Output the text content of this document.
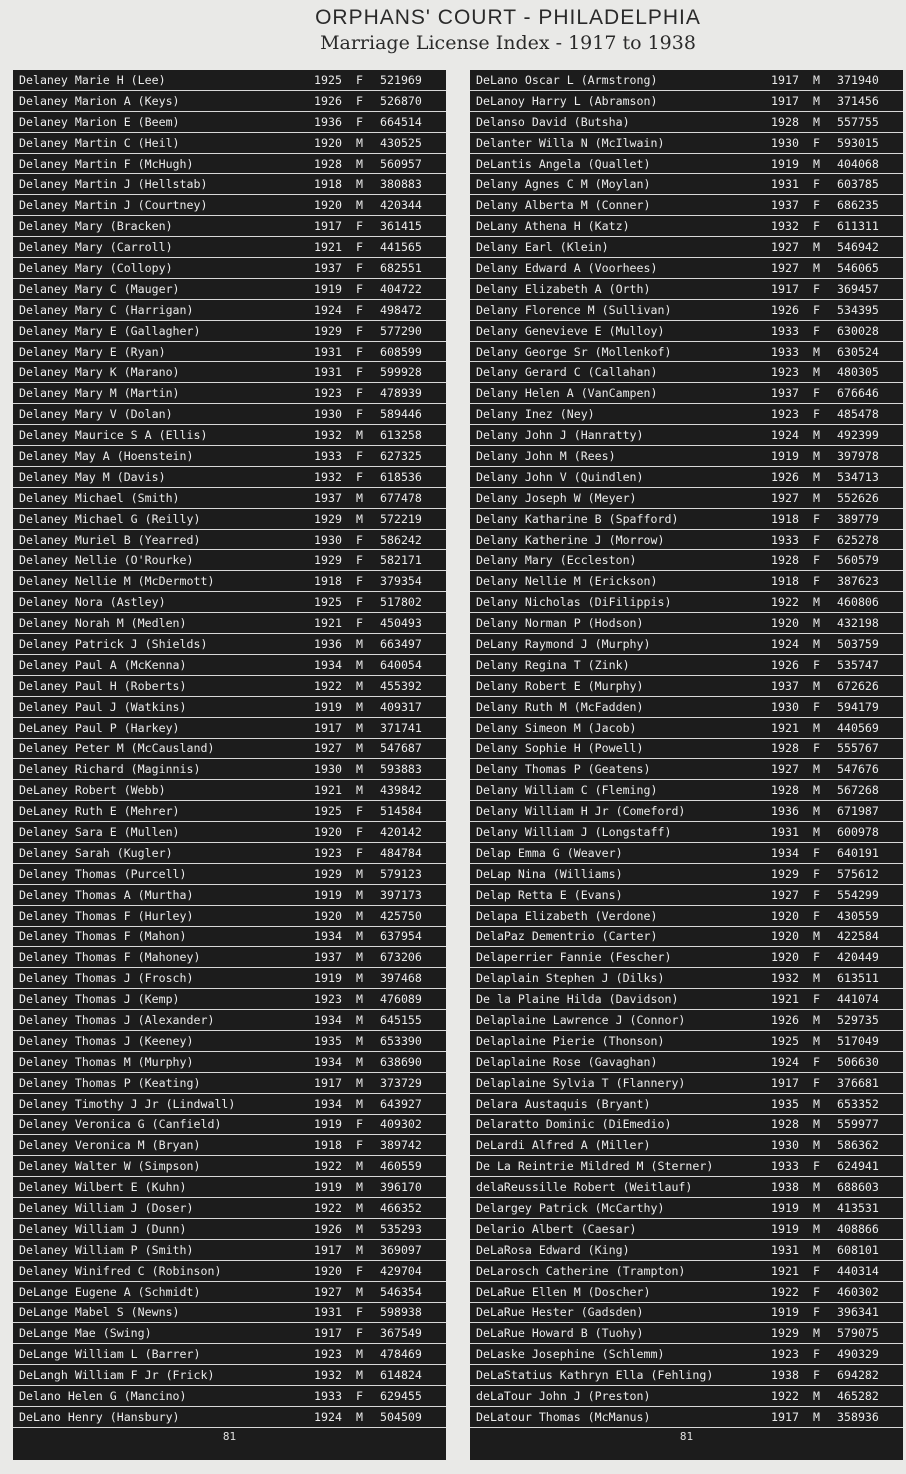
ORPHANS' COURT - PHILADELPHIA
Marriage License Index - 1917 to 1938
Delaney Marie H (Lee)	1925	F	521969
Delaney Marion A (Keys)	1926	F	526870
Delaney Marion E (Beem)	1936	F	664514
Delaney Martin C (Heil)	1920	M	430525
Delaney Martin F (McHugh)	1928	M	560957
Delaney Martin J (Hellstab)	1918	M	380883
Delaney Martin J (Courtney)	1920	M	420344
Delaney Mary (Bracken)	1917	F	361415
Delaney Mary (Carroll)	1921	F	441565
Delaney Mary (Collopy)	1937	F	682551
Delaney Mary C (Mauger)	1919	F	404722
Delaney Mary C (Harrigan)	1924	F	498472
Delaney Mary E (Gallagher)	1929	F	577290
Delaney Mary E (Ryan)	1931	F	608599
Delaney Mary K (Marano)	1931	F	599928
Delaney Mary M (Martin)	1923	F	478939
Delaney Mary V (Dolan)	1930	F	589446
Delaney Maurice S A (Ellis)	1932	M	613258
Delaney May A (Hoenstein)	1933	F	627325
Delaney May M (Davis)	1932	F	618536
Delaney Michael (Smith)	1937	M	677478
Delaney Michael G (Reilly)	1929	M	572219
Delaney Muriel B (Yearred)	1930	F	586242
Delaney Nellie (O'Rourke)	1929	F	582171
Delaney Nellie M (McDermott)	1918	F	379354
Delaney Nora (Astley)	1925	F	517802
Delaney Norah M (Medlen)	1921	F	450493
Delaney Patrick J (Shields)	1936	M	663497
Delaney Paul A (McKenna)	1934	M	640054
Delaney Paul H (Roberts)	1922	M	455392
Delaney Paul J (Watkins)	1919	M	409317
DeLaney Paul P (Harkey)	1917	M	371741
Delaney Peter M (McCausland)	1927	M	547687
Delaney Richard (Maginnis)	1930	M	593883
DeLaney Robert (Webb)	1921	M	439842
DeLaney Ruth E (Mehrer)	1925	F	514584
Delaney Sara E (Mullen)	1920	F	420142
Delaney Sarah (Kugler)	1923	F	484784
Delaney Thomas (Purcell)	1929	M	579123
Delaney Thomas A (Murtha)	1919	M	397173
Delaney Thomas F (Hurley)	1920	M	425750
Delaney Thomas F (Mahon)	1934	M	637954
Delaney Thomas F (Mahoney)	1937	M	673206
Delaney Thomas J (Frosch)	1919	M	397468
Delaney Thomas J (Kemp)	1923	M	476089
Delaney Thomas J (Alexander)	1934	M	645155
Delaney Thomas J (Keeney)	1935	M	653390
Delaney Thomas M (Murphy)	1934	M	638690
Delaney Thomas P (Keating)	1917	M	373729
Delaney Timothy J Jr (Lindwall)	1934	M	643927
Delaney Veronica G (Canfield)	1919	F	409302
Delaney Veronica M (Bryan)	1918	F	389742
Delaney Walter W (Simpson)	1922	M	460559
Delaney Wilbert E (Kuhn)	1919	M	396170
Delaney William J (Doser)	1922	M	466352
Delaney William J (Dunn)	1926	M	535293
Delaney William P (Smith)	1917	M	369097
Delaney Winifred C (Robinson)	1920	F	429704
DeLange Eugene A (Schmidt)	1927	M	546354
DeLange Mabel S (Newns)	1931	F	598938
DeLange Mae (Swing)	1917	F	367549
DeLange William L (Barrer)	1923	M	478469
DeLangh William F Jr (Frick)	1932	M	614824
Delano Helen G (Mancino)	1933	F	629455
DeLano Henry (Hansbury)	1924	M	504509
81
DeLano Oscar L (Armstrong)	1917	M	371940
DeLanoy Harry L (Abramson)	1917	M	371456
Delanso David (Butsha)	1928	M	557755
Delanter Willa N (McIlwain)	1930	F	593015
DeLantis Angela (Quallet)	1919	M	404068
Delany Agnes C M (Moylan)	1931	F	603785
Delany Alberta M (Conner)	1937	F	686235
DeLany Athena H (Katz)	1932	F	611311
Delany Earl (Klein)	1927	M	546942
Delany Edward A (Voorhees)	1927	M	546065
Delany Elizabeth A (Orth)	1917	F	369457
Delany Florence M (Sullivan)	1926	F	534395
Delany Genevieve E (Mulloy)	1933	F	630028
Delany George Sr (Mollenkof)	1933	M	630524
Delany Gerard C (Callahan)	1923	M	480305
Delany Helen A (VanCampen)	1937	F	676646
Delany Inez (Ney)	1923	F	485478
Delany John J (Hanratty)	1924	M	492399
Delany John M (Rees)	1919	M	397978
Delany John V (Quindlen)	1926	M	534713
Delany Joseph W (Meyer)	1927	M	552626
Delany Katharine B (Spafford)	1918	F	389779
Delany Katherine J (Morrow)	1933	F	625278
Delany Mary (Eccleston)	1928	F	560579
Delany Nellie M (Erickson)	1918	F	387623
Delany Nicholas (DiFilippis)	1922	M	460806
Delany Norman P (Hodson)	1920	M	432198
DeLany Raymond J (Murphy)	1924	M	503759
Delany Regina T (Zink)	1926	F	535747
Delany Robert E (Murphy)	1937	M	672626
Delany Ruth M (McFadden)	1930	F	594179
Delany Simeon M (Jacob)	1921	M	440569
Delany Sophie H (Powell)	1928	F	555767
Delany Thomas P (Geatens)	1927	M	547676
Delany William C (Fleming)	1928	M	567268
Delany William H Jr (Comeford)	1936	M	671987
Delany William J (Longstaff)	1931	M	600978
Delap Emma G (Weaver)	1934	F	640191
DeLap Nina (Williams)	1929	F	575612
Delap Retta E (Evans)	1927	F	554299
Delapa Elizabeth (Verdone)	1920	F	430559
DelaPaz Dementrio (Carter)	1920	M	422584
Delaperrier Fannie (Fescher)	1920	F	420449
Delaplain Stephen J (Dilks)	1932	M	613511
De la Plaine Hilda (Davidson)	1921	F	441074
Delaplaine Lawrence J (Connor)	1926	M	529735
Delaplaine Pierie (Thonson)	1925	M	517049
Delaplaine Rose (Gavaghan)	1924	F	506630
Delaplaine Sylvia T (Flannery)	1917	F	376681
Delara Austaquis (Bryant)	1935	M	653352
Delaratto Dominic (DiEmedio)	1928	M	559977
DeLardi Alfred A (Miller)	1930	M	586362
De La Reintrie Mildred M (Sterner)	1933	F	624941
delaReussille Robert (Weitlauf)	1938	M	688603
Delargey Patrick (McCarthy)	1919	M	413531
Delario Albert (Caesar)	1919	M	408866
DeLaRosa Edward (King)	1931	M	608101
DeLarosch Catherine (Trampton)	1921	F	440314
DeLaRue Ellen M (Doscher)	1922	F	460302
DeLaRue Hester (Gadsden)	1919	F	396341
DeLaRue Howard B (Tuohy)	1929	M	579075
DeLaske Josephine (Schlemm)	1923	F	490329
DeLaStatius Kathryn Ella (Fehling)	1938	F	694282
deLaTour John J (Preston)	1922	M	465282
DeLatour Thomas (McManus)	1917	M	358936
81
